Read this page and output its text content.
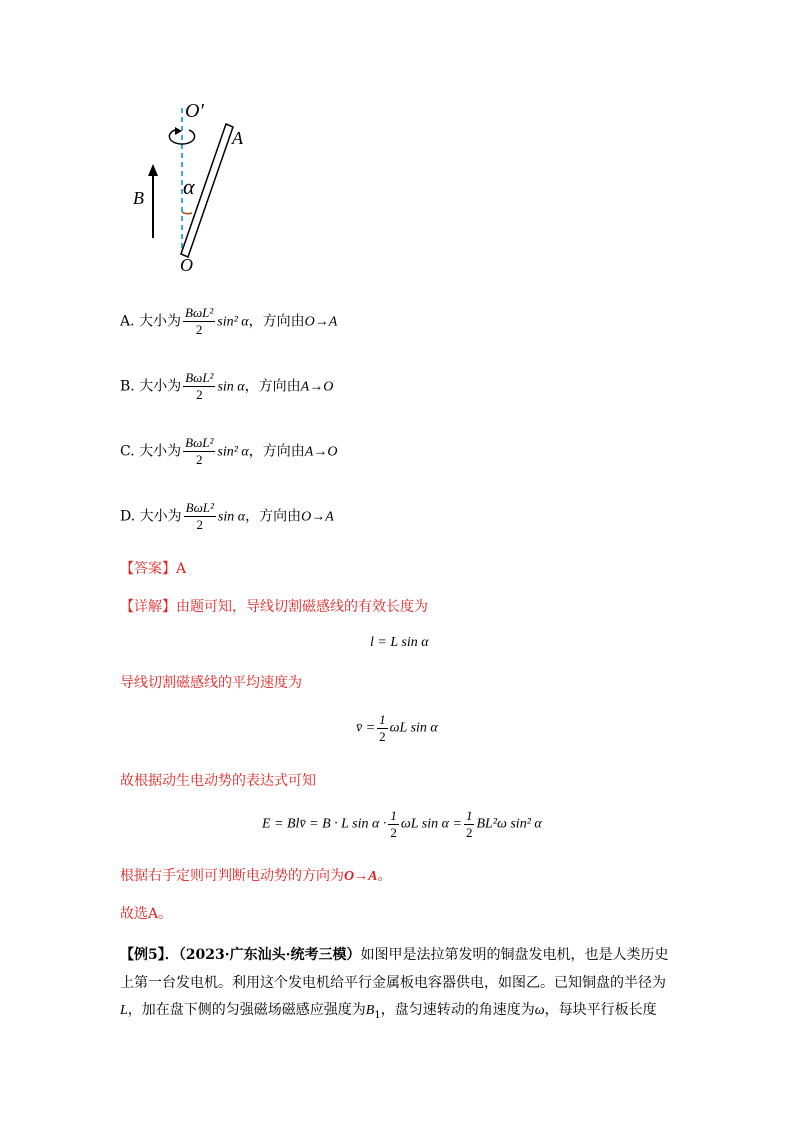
O′
A
α
B
O
A. 大小为 $\frac{\text{BωL²}}{2} \sin^2$ α，方向由O→A
B. 大小为 $\frac{\text{BωL²}}{2}$ sin α，方向由A→O
C. 大小为 $\frac{\text{BωL²}}{2} \sin^2$ α，方向由A→O
D. 大小为 $\frac{\text{BωL²}}{2}$ sin α，方向由O→A
【答案】A
【详解】由题可知，导线切割磁感线的有效长度为
l = L sin α
导线切割磁感线的平均速度为
v̄ = $\frac{1}{2}$ ωL sin α
故根据动生电动势的表达式可知
E = Blv̄ = B · L $\sin \alpha \cdot \frac{1}{2}$ ωL $\sin \alpha = \frac{1}{2} BL^2\omega$ sin² α
根据右手定则可判断电动势的方向为O→A。
故选A。
【例5】．（2023·广东汕头·统考三模）如图甲是法拉第发明的铜盘发电机，也是人类历史
上第一台发电机。利用这个发电机给平行金属板电容器供电，如图乙。已知铜盘的半径为
L，加在盘下侧的匀强磁场磁感应强度为$B_1$，盘匀速转动的角速度为ω，每块平行板长度
